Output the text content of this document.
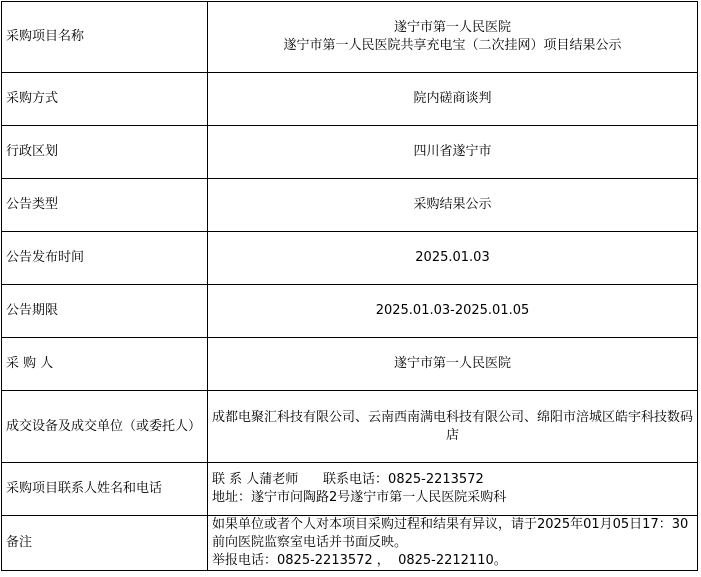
采购项目名称	遂宁市第一人民医院
遂宁市第一人民医院共享充电宝（二次挂网）项目结果公示

采购方式	院内磋商谈判
行政区划	四川省遂宁市
公告类型	采购结果公示
公告发布时间	2025.01.03
公告期限	2025.01.03-2025.01.05
采 购 人	遂宁市第一人民医院
成交设备及成交单位（或委托人）	成都电聚汇科技有限公司、云南西南满电科技有限公司、绵阳市涪城区皓宇科技数码店
采购项目联系人姓名和电话	联 系 人蒲老师      联系电话：0825-2213572
地址：遂宁市问陶路2号遂宁市第一人民医院采购科

备注	如果单位或者个人对本项目采购过程和结果有异议，请于2025年01月05日17：30前向医院监察室电话并书面反映。
举报电话：0825-2213572 ，  0825-2212110。
